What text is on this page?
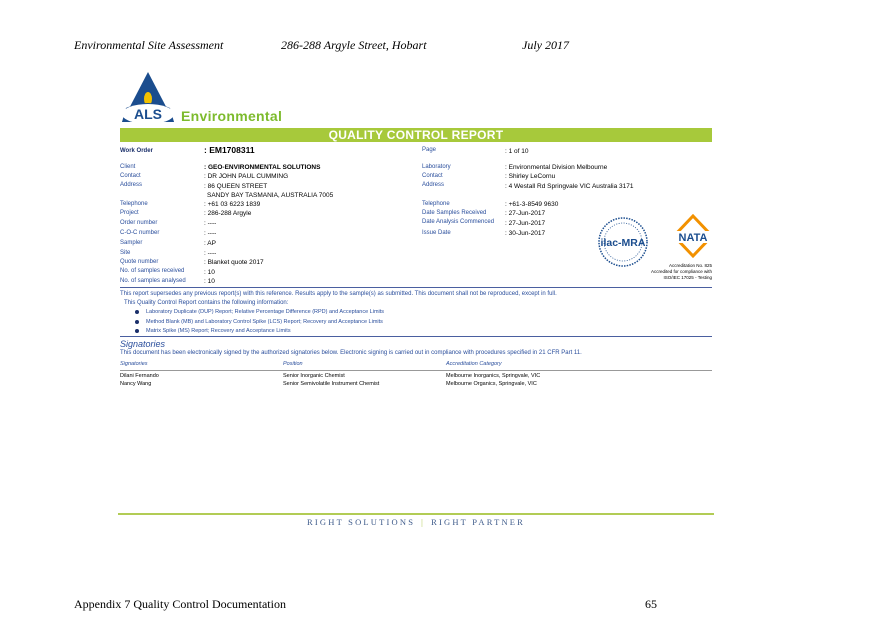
Environmental Site Assessment	286-288 Argyle Street, Hobart	July 2017
ALS Environmental
QUALITY CONTROL REPORT
Work Order	: EM1708311
Client	: GEO-ENVIRONMENTAL SOLUTIONS
Contact	: DR JOHN PAUL CUMMING
Address	: 86 QUEEN STREET
SANDY BAY TASMANIA, AUSTRALIA 7005
Telephone	: +61 03 6223 1839
Project	: 286-288 Argyle
Order number	: ----
C-O-C number	: ----
Sampler	: AP
Site	: ----
Quote number	: Blanket quote 2017
No. of samples received	: 10
No. of samples analysed	: 10
Page	: 1 of 10
Laboratory	: Environmental Division Melbourne
Contact	: Shirley LeCornu
Address	: 4 Westall Rd Springvale VIC Australia 3171
Telephone	: +61-3-8549 9630
Date Samples Received	: 27-Jun-2017
Date Analysis Commenced : 27-Jun-2017
Issue Date	: 30-Jun-2017
ilac-MRA	NATA
Accreditation No. 825
Accredited for compliance with
ISO/IEC 17025 - Testing
This report supersedes any previous report(s) with this reference. Results apply to the sample(s) as submitted. This document shall not be reproduced, except in full.
This Quality Control Report contains the following information:
Laboratory Duplicate (DUP) Report; Relative Percentage Difference (RPD) and Acceptance Limits
Method Blank (MB) and Laboratory Control Spike (LCS) Report; Recovery and Acceptance Limits
Matrix Spike (MS) Report; Recovery and Acceptance Limits
Signatories
This document has been electronically signed by the authorized signatories below. Electronic signing is carried out in compliance with procedures specified in 21 CFR Part 11.
Signatories	Position	Accreditation Category
Dilani Fernando	Senior Inorganic Chemist	Melbourne Inorganics, Springvale, VIC
Nancy Wang	Senior Semivolatile Instrument Chemist	Melbourne Organics, Springvale, VIC
RIGHT SOLUTIONS | RIGHT PARTNER
Appendix 7 Quality Control Documentation	65
